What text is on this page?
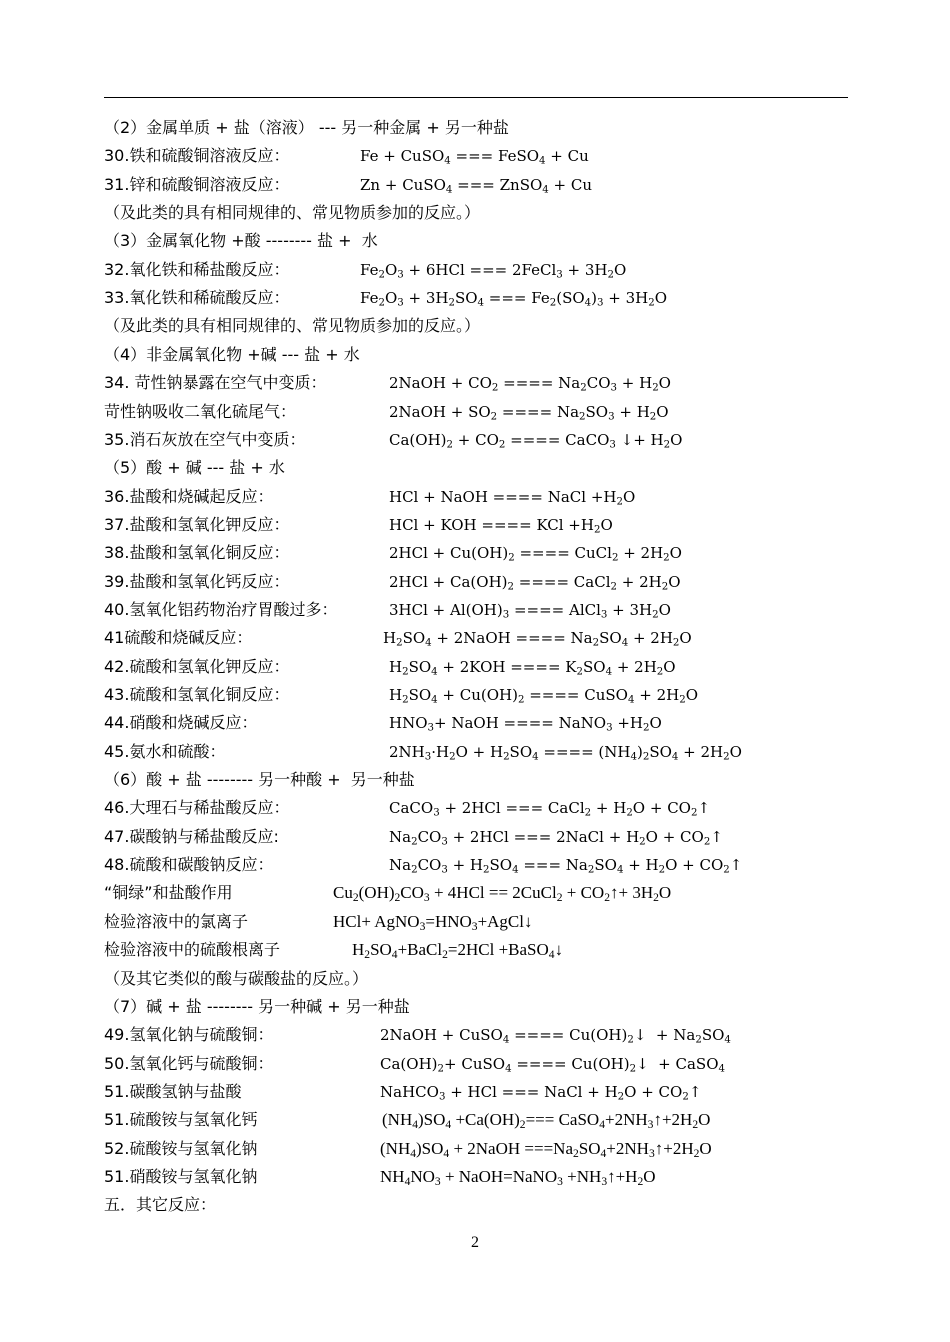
（2）金属单质 + 盐（溶液） --- 另一种金属 + 另一种盐
30.铁和硫酸铜溶液反应：	Fe + CuSO$_4$ === FeSO$_4$ + Cu
31.锌和硫酸铜溶液反应：	Zn + CuSO$_4$ === ZnSO$_4$ + Cu
（及此类的具有相同规律的、常见物质参加的反应。）
（3）金属氧化物 +酸 -------- 盐 +  水
32.氧化铁和稀盐酸反应：	$Fe_2O_3 + 6HCl$ === 2FeCl$_3$ + $3H_2O$
33.氧化铁和稀硫酸反应：	$Fe_2O_3 + 3H_2SO_4$ === $Fe_2(SO_4)_3 + 3H_2O$
（及此类的具有相同规律的、常见物质参加的反应。）
（4）非金属氧化物 +碱 --- 盐 + 水
34. 苛性钠暴露在空气中变质：	2NaOH + $CO_2$ ==== $Na_2CO_3 + H_2O$
苛性钠吸收二氧化硫尾气：	2NaOH + $SO_2$ ==== $Na_2SO_3 + H_2O$
35.消石灰放在空气中变质：	$Ca(OH)_2 + CO_2$ ==== CaCO$_3$ ↓+ $H_2O$
（5）酸 + 碱 --- 盐 + 水
36.盐酸和烧碱起反应：	HCl + NaOH ==== NaCl $+H_2O$
37.盐酸和氢氧化钾反应：	HCl + KOH ==== KCl $+H_2O$
38.盐酸和氢氧化铜反应：	$2HCl + Cu(OH)_2$ ==== CuCl$_2$ + $2H_2O$
39.盐酸和氢氧化钙反应：	$2HCl + Ca(OH)_2$ ==== CaCl$_2$ + $2H_2O$
40.氢氧化铝药物治疗胃酸过多：	$3HCl + Al(OH)_3$ ==== AlCl$_3$ + $3H_2O$
41硫酸和烧碱反应：	$H_2SO_4$ + 2NaOH ==== $Na_2SO_4 + 2H_2O$
42.硫酸和氢氧化钾反应：	$H_2SO_4 + 2KOH$ ==== $K_2SO_4 + 2H_2O$
43.硫酸和氢氧化铜反应：	$H_2SO_4 + Cu(OH)_2$ ==== CuSO$_4$ + $2H_2O$
44.硝酸和烧碱反应：	$HNO_3+$ NaOH ==== NaNO$_3$ $+H_2O$
45.氨水和硫酸：	$2NH_3\cdot H_2O + H_2SO_4$ ==== $(NH_4)_2SO_4 + 2H_2O$
（6）酸 + 盐 -------- 另一种酸 +  另一种盐
46.大理石与稀盐酸反应：	CaCO$_3$ + 2HCl === CaCl$_2$ + $H_2O$ + $CO_2↑$
47.碳酸钠与稀盐酸反应:	$Na_2CO_3 + 2HCl$ === 2NaCl + $H_2O$ + $CO_2↑$
48.硫酸和碳酸钠反应：	$Na_2CO_3 + H_2SO_4$ === $Na_2SO_4 + H_2O$ + $CO_2↑$
“铜绿”和盐酸作用	$Cu_2(OH)_2CO_3 + 4HCl$ == 2CuCl$_2$ + $CO_2↑+ 3H_2O$
检验溶液中的氯离子	$HCl+ AgNO_3=HNO_3+AgCl↓$
检验溶液中的硫酸根离子	$H_2SO_4+BaCl_2=2HCl$ +BaSO$_4$↓
（及其它类似的酸与碳酸盐的反应。）
（7）碱 + 盐 -------- 另一种碱 + 另一种盐
49.氢氧化钠与硫酸铜：	2NaOH + CuSO$_4$ ==== $Cu(OH)_2↓ + Na_2SO_4$
50.氢氧化钙与硫酸铜：	$Ca(OH)_2+$ CuSO$_4$ ==== $Cu(OH)_2↓$  + CaSO$_4$
51.碳酸氢钠与盐酸	NaHCO$_3$ + HCl === NaCl + $H_2O$ + $CO_2↑$
51.硫酸铵与氢氧化钙	$(NH_4)SO_4 +Ca(OH)_2===$ $CaSO_4+2NH_3↑+2H_2O$
52.硫酸铵与氢氧化钠	$(NH_4)SO_4$ + 2NaOH $===Na_2SO_4+2NH_3↑+2H_2O$
51.硝酸铵与氢氧化钠	$NH_4NO_3$ + NaOH=NaNO$_3$ $+NH_3↑+H_2O$
五．其它反应：
2
